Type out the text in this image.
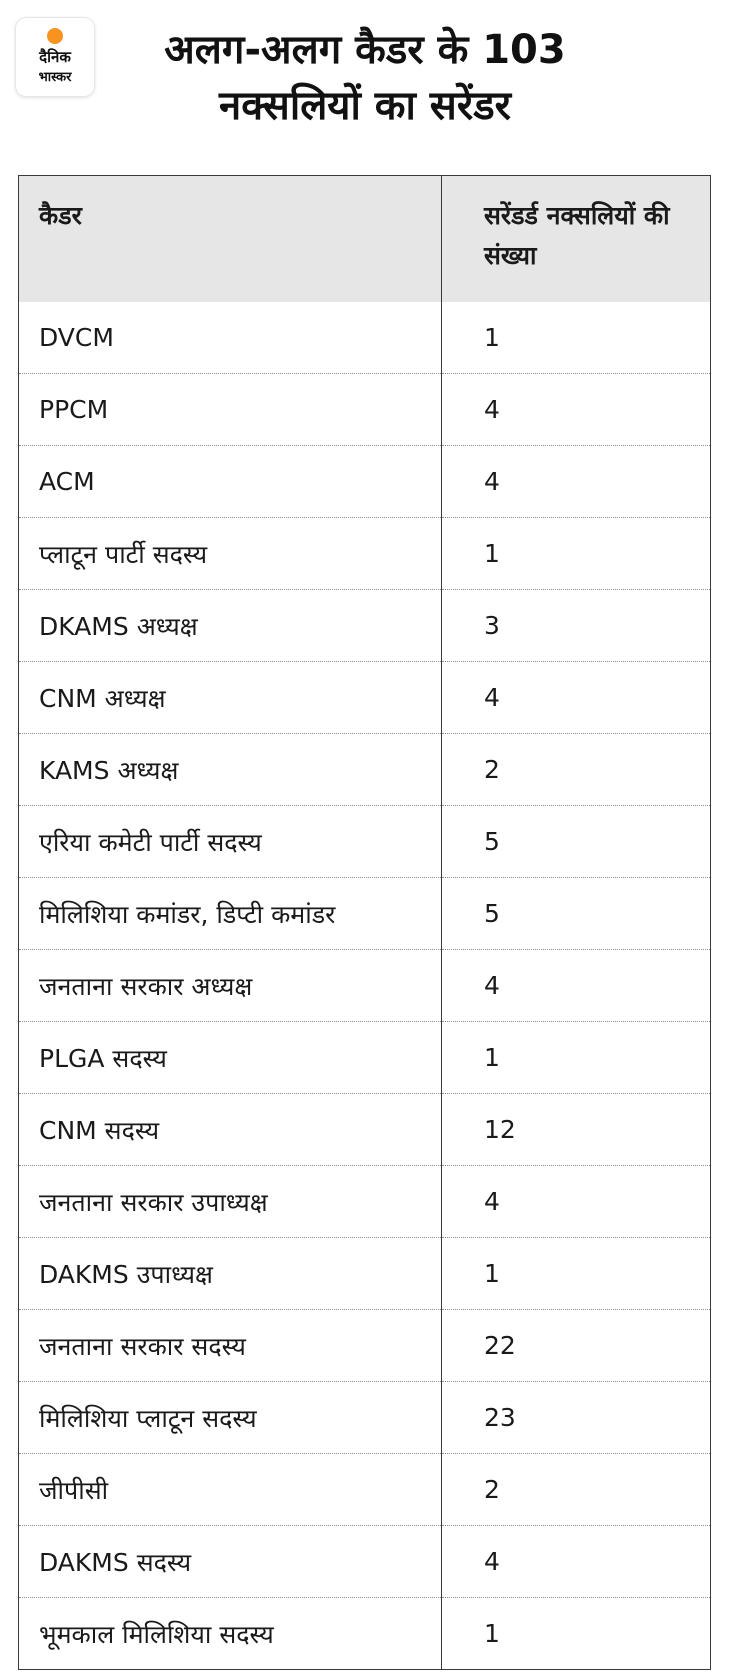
दैनिक
भास्कर
अलग-अलग कैडर के 103
नक्सलियों का सरेंडर
कैडर	सरेंडर्ड नक्सलियों की संख्या
DVCM	1
PPCM	4
ACM	4
प्लाटून पार्टी सदस्य	1
DKAMS अध्यक्ष	3
CNM अध्यक्ष	4
KAMS अध्यक्ष	2
एरिया कमेटी पार्टी सदस्य	5
मिलिशिया कमांडर, डिप्टी कमांडर	5
जनताना सरकार अध्यक्ष	4
PLGA सदस्य	1
CNM सदस्य	12
जनताना सरकार उपाध्यक्ष	4
DAKMS उपाध्यक्ष	1
जनताना सरकार सदस्य	22
मिलिशिया प्लाटून सदस्य	23
जीपीसी	2
DAKMS सदस्य	4
भूमकाल मिलिशिया सदस्य	1
